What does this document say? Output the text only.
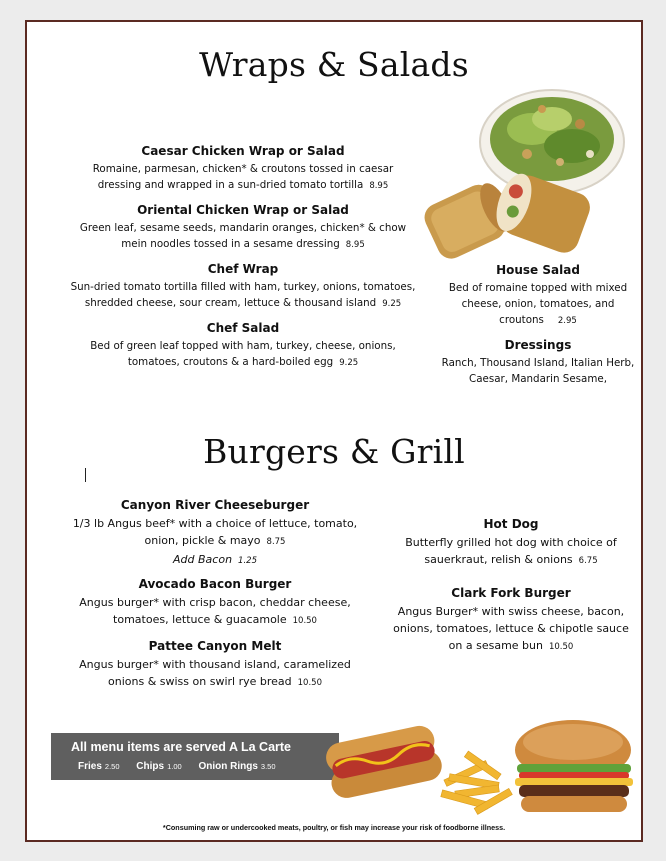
Wraps & Salads
Caesar Chicken Wrap or Salad
Romaine, parmesan, chicken* & croutons tossed in caesar
dressing and wrapped in a sun-dried tomato tortilla 8.95
Oriental Chicken Wrap or Salad
Green leaf, sesame seeds, mandarin oranges, chicken* & chow
mein noodles tossed in a sesame dressing 8.95
Chef Wrap
Sun-dried tomato tortilla filled with ham, turkey, onions, tomatoes,
shredded cheese, sour cream, lettuce & thousand island 9.25
Chef Salad
Bed of green leaf topped with ham, turkey, cheese, onions,
tomatoes, croutons & a hard-boiled egg 9.25
House Salad
Bed of romaine topped with mixed
cheese, onion, tomatoes, and
croutons 2.95
Dressings
Ranch, Thousand Island, Italian Herb,
Caesar, Mandarin Sesame,
Burgers & Grill
Canyon River Cheeseburger
1/3 lb Angus beef* with a choice of lettuce, tomato,
onion, pickle & mayo 8.75
Add Bacon 1.25
Avocado Bacon Burger
Angus burger* with crisp bacon, cheddar cheese,
tomatoes, lettuce & guacamole 10.50
Pattee Canyon Melt
Angus burger* with thousand island, caramelized
onions & swiss on swirl rye bread 10.50
Hot Dog
Butterfly grilled hot dog with choice of
sauerkraut, relish & onions 6.75
Clark Fork Burger
Angus Burger* with swiss cheese, bacon,
onions, tomatoes, lettuce & chipotle sauce
on a sesame bun 10.50
All menu items are served A La Carte
Fries 2.50 Chips 1.00 Onion Rings 3.50
*Consuming raw or undercooked meats, poultry, or fish may increase your risk of foodborne illness.
